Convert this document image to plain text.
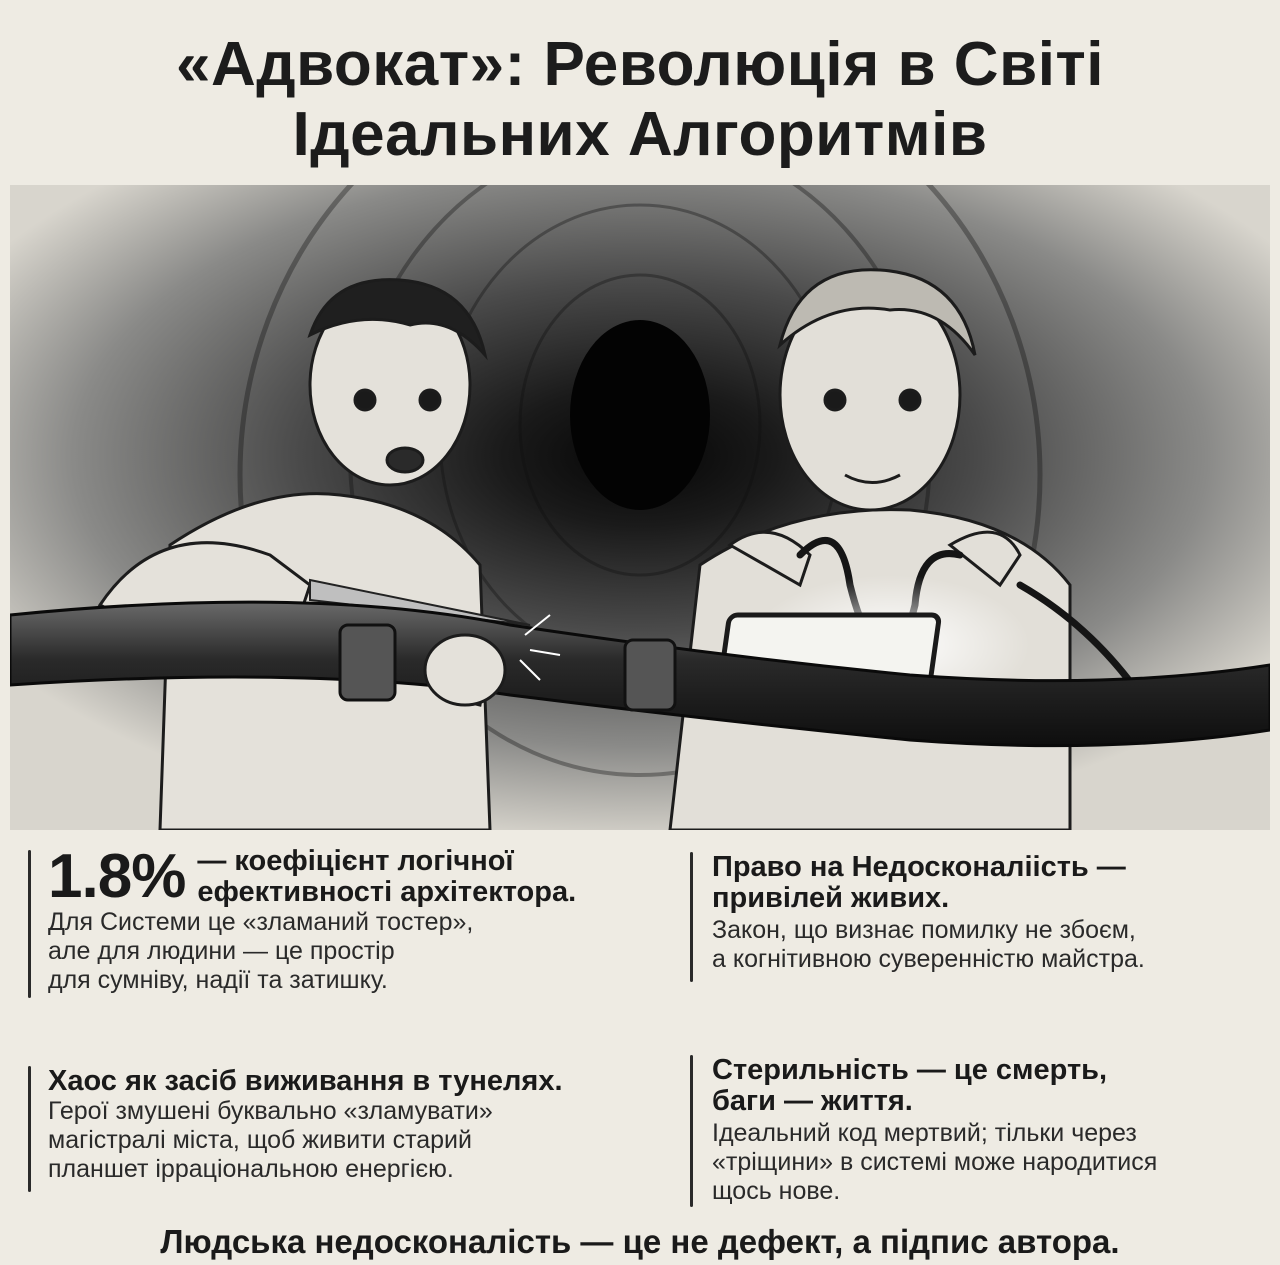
«Адвокат»: Революція в Світі
Ідеальних Алгоритмів
1.8% — коефіцієнт логічної
ефективності архітектора.
Для Системи це «зламаний тостер»,
але для людини — це простір
для сумніву, надії та затишку.
Право на Недосконаліість —
привілей живих.
Закон, що визнає помилку не збоєм,
а когнітивною суверенністю майстра.
Хаос як засіб виживання в тунелях.
Герої змушені буквально «зламувати»
магістралі міста, щоб живити старий
планшет ірраціональною енергією.
Стерильність — це смерть,
баги — життя.
Ідеальний код мертвий; тільки через
«тріщини» в системі може народитися
щось нове.
Людська недосконалість — це не дефект, а підпис автора.
